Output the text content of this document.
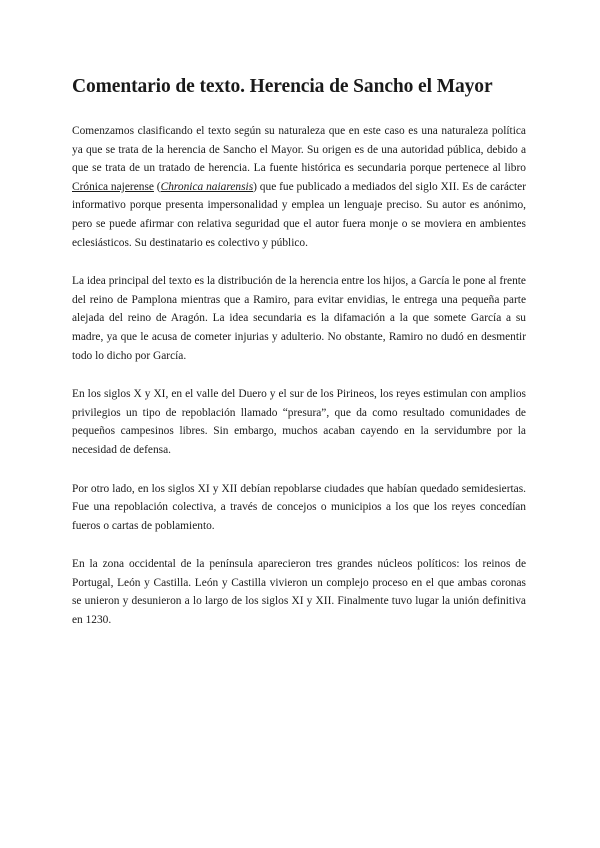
Comentario de texto. Herencia de Sancho el Mayor

Comenzamos clasificando el texto según su naturaleza que en este caso es una naturaleza política ya que se trata de la herencia de Sancho el Mayor. Su origen es de una autoridad pública, debido a que se trata de un tratado de herencia. La fuente histórica es secundaria porque pertenece al libro Crónica najerense (Chronica naiarensis) que fue publicado a mediados del siglo XII. Es de carácter informativo porque presenta impersonalidad y emplea un lenguaje preciso. Su autor es anónimo, pero se puede afirmar con relativa seguridad que el autor fuera monje o se moviera en ambientes eclesiásticos. Su destinatario es colectivo y público.

La idea principal del texto es la distribución de la herencia entre los hijos, a García le pone al frente del reino de Pamplona mientras que a Ramiro, para evitar envidias, le entrega una pequeña parte alejada del reino de Aragón. La idea secundaria es la difamación a la que somete García a su madre, ya que le acusa de cometer injurias y adulterio. No obstante, Ramiro no dudó en desmentir todo lo dicho por García.

En los siglos X y XI, en el valle del Duero y el sur de los Pirineos, los reyes estimulan con amplios privilegios un tipo de repoblación llamado “presura”, que da como resultado comunidades de pequeños campesinos libres. Sin embargo, muchos acaban cayendo en la servidumbre por la necesidad de defensa.

Por otro lado, en los siglos XI y XII debían repoblarse ciudades que habían quedado semidesiertas. Fue una repoblación colectiva, a través de concejos o municipios a los que los reyes concedían fueros o cartas de poblamiento.

En la zona occidental de la península aparecieron tres grandes núcleos políticos: los reinos de Portugal, León y Castilla. León y Castilla vivieron un complejo proceso en el que ambas coronas se unieron y desunieron a lo largo de los siglos XI y XII. Finalmente tuvo lugar la unión definitiva en 1230.
